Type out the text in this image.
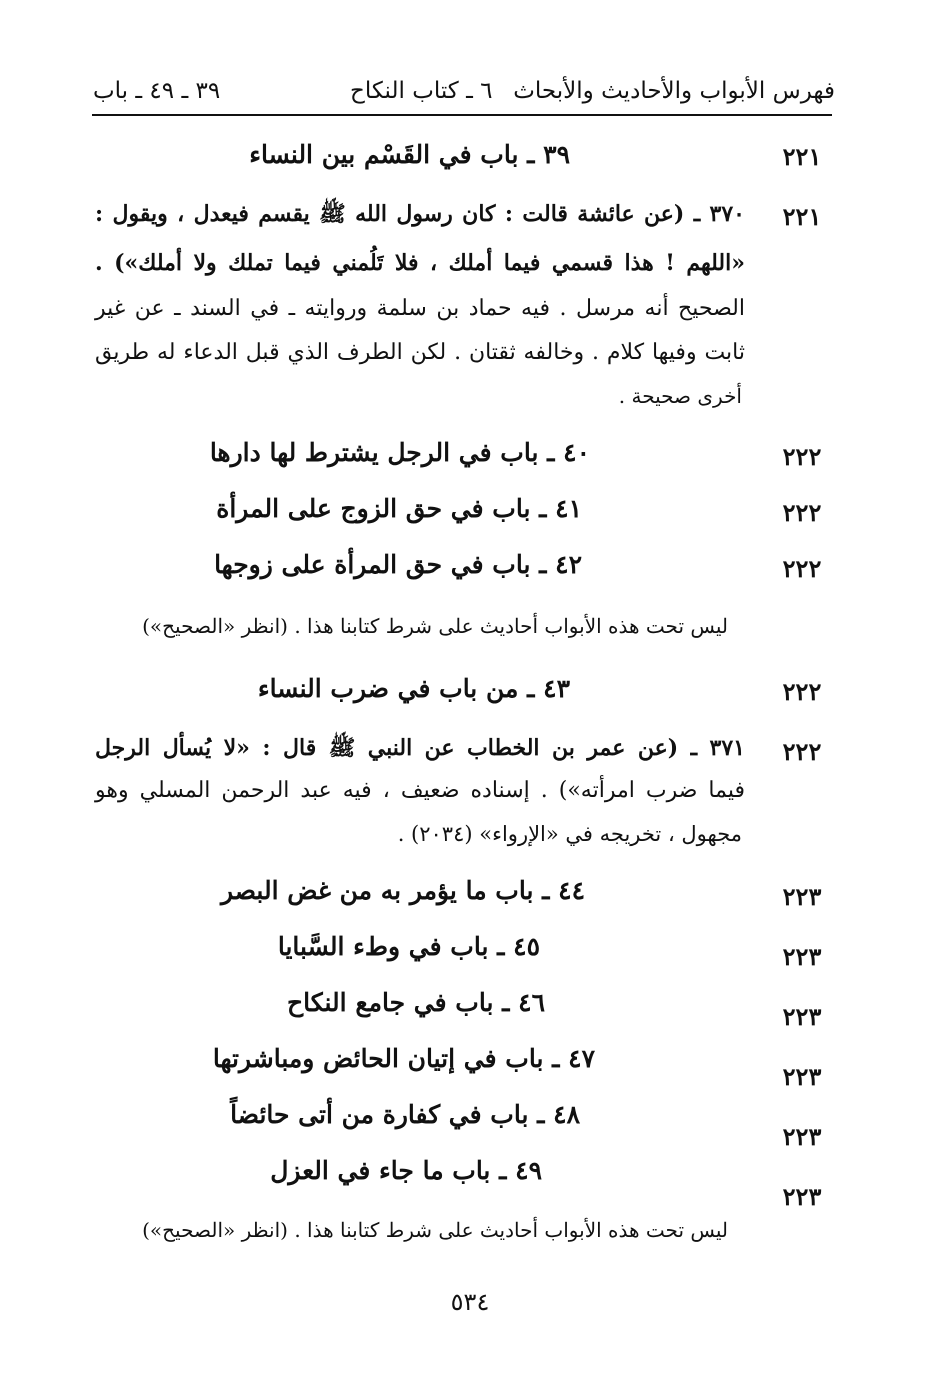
فهرس الأبواب والأحاديث والأبحاث
٦ ـ كتاب النكاح
٣٩ ـ ٤٩ ـ باب
٢٢١
٣٩ ـ باب في القَسْم بين النساء
٢٢١
٣٧٠ ـ (عن عائشة قالت : كان رسول الله ﷺ يقسم فيعدل ، ويقول :
«اللهم ! هذا قسمي فيما أملك ، فلا تَلُمني فيما تملك ولا أملك») .
الصحيح أنه مرسل . فيه حماد بن سلمة وروايته ـ في السند ـ عن غير
ثابت وفيها كلام . وخالفه ثقتان . لكن الطرف الذي قبل الدعاء له طريق
أخرى صحيحة .
٢٢٢
٤٠ ـ باب في الرجل يشترط لها دارها
٢٢٢
٤١ ـ باب في حق الزوج على المرأة
٢٢٢
٤٢ ـ باب في حق المرأة على زوجها
ليس تحت هذه الأبواب أحاديث على شرط كتابنا هذا . (انظر «الصحيح»)
٢٢٢
٤٣ ـ من باب في ضرب النساء
٢٢٢
٣٧١ ـ (عن عمر بن الخطاب عن النبي ﷺ قال : «لا يُسأل الرجل
فيما ضرب امرأته») . إسناده ضعيف ، فيه عبد الرحمن المسلي وهو
مجهول ، تخريجه في «الإرواء» (٢٠٣٤) .
٢٢٣
٤٤ ـ باب ما يؤمر به من غض البصر
٢٢٣
٤٥ ـ باب في وطء السَّبايا
٢٢٣
٤٦ ـ باب في جامع النكاح
٢٢٣
٤٧ ـ باب في إتيان الحائض ومباشرتها
٢٢٣
٤٨ ـ باب في كفارة من أتى حائضاً
٢٢٣
٤٩ ـ باب ما جاء في العزل
ليس تحت هذه الأبواب أحاديث على شرط كتابنا هذا . (انظر «الصحيح»)
٥٣٤
